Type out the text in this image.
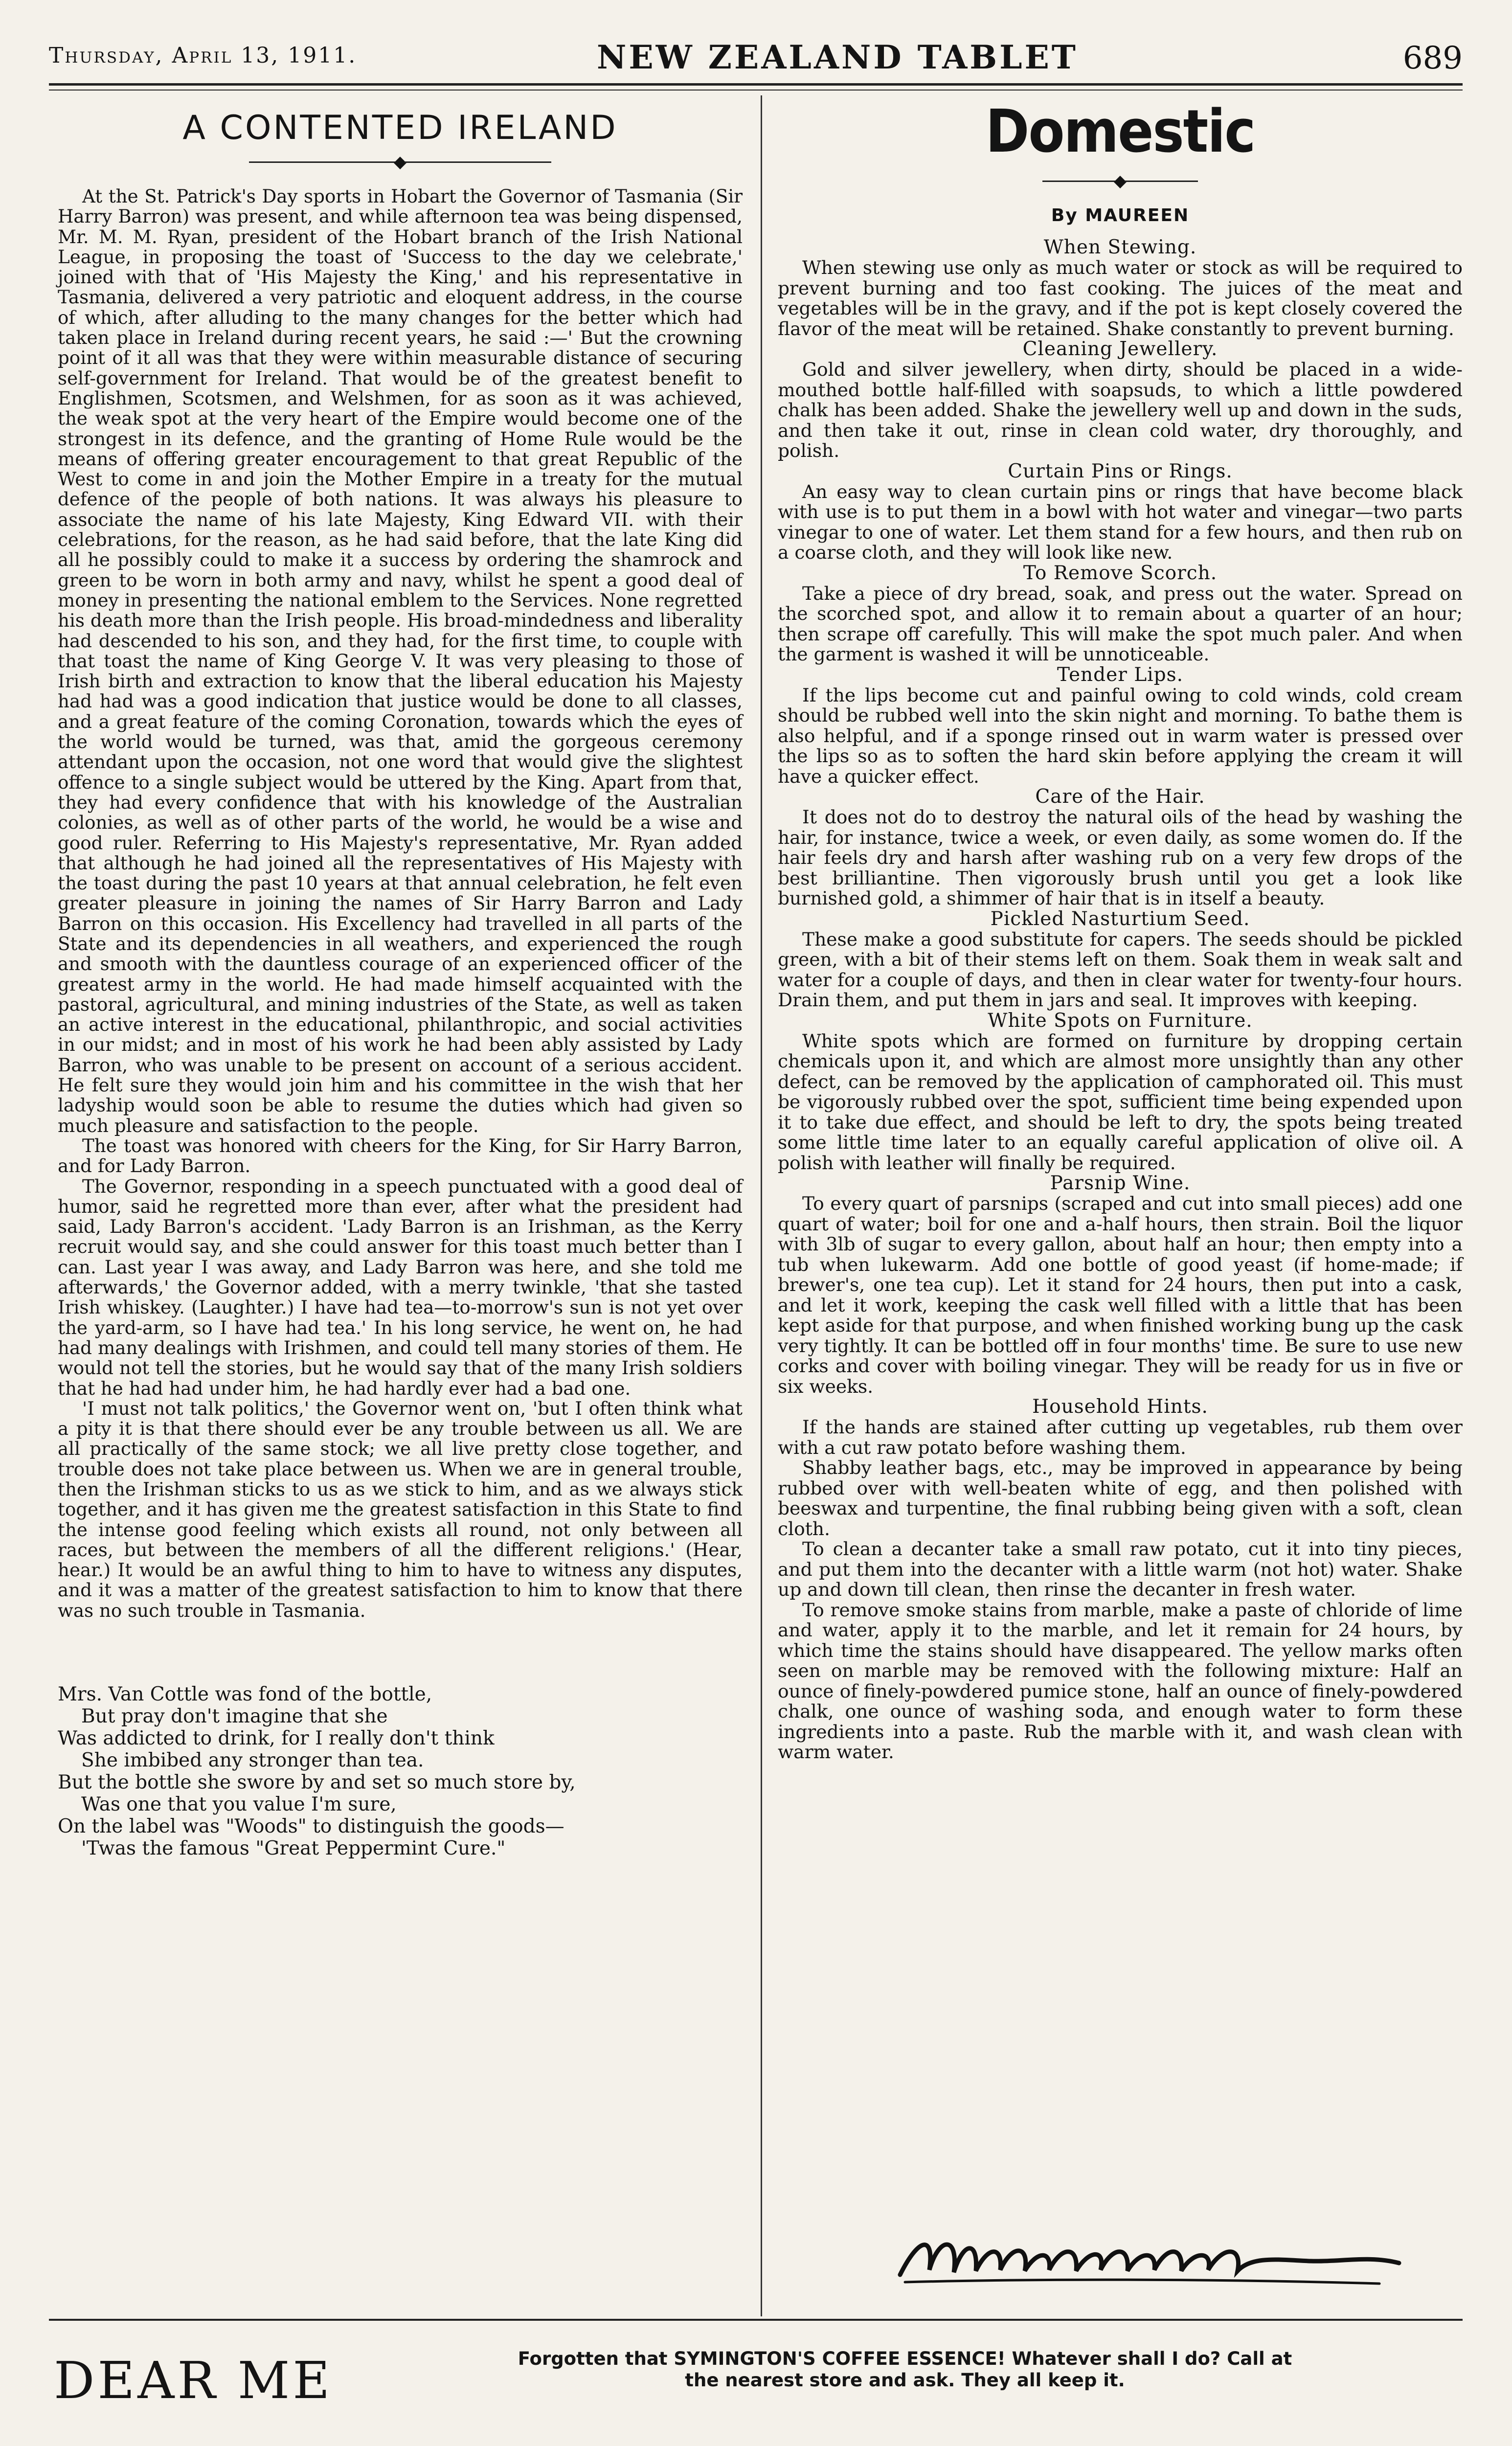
Thursday, April 13, 1911.	NEW ZEALAND TABLET	689
A CONTENTED IRELAND
◆

At the St. Patrick's Day sports in Hobart the Governor of Tasmania (Sir Harry Barron) was present, and while afternoon tea was being dispensed, Mr. M. M. Ryan, president of the Hobart branch of the Irish National League, in proposing the toast of 'Success to the day we celebrate,' joined with that of 'His Majesty the King,' and his representative in Tasmania, delivered a very patriotic and eloquent address, in the course of which, after alluding to the many changes for the better which had taken place in Ireland during recent years, he said :—' But the crowning point of it all was that they were within measurable distance of securing self-government for Ireland. That would be of the greatest benefit to Englishmen, Scotsmen, and Welshmen, for as soon as it was achieved, the weak spot at the very heart of the Empire would become one of the strongest in its defence, and the granting of Home Rule would be the means of offering greater encouragement to that great Republic of the West to come in and join the Mother Empire in a treaty for the mutual defence of the people of both nations. It was always his pleasure to associate the name of his late Majesty, King Edward VII. with their celebrations, for the reason, as he had said before, that the late King did all he possibly could to make it a success by ordering the shamrock and green to be worn in both army and navy, whilst he spent a good deal of money in presenting the national emblem to the Services. None regretted his death more than the Irish people. His broad-mindedness and liberality had descended to his son, and they had, for the first time, to couple with that toast the name of King George V. It was very pleasing to those of Irish birth and extraction to know that the liberal education his Majesty had had was a good indication that justice would be done to all classes, and a great feature of the coming Coronation, towards which the eyes of the world would be turned, was that, amid the gorgeous ceremony attendant upon the occasion, not one word that would give the slightest offence to a single subject would be uttered by the King. Apart from that, they had every confidence that with his knowledge of the Australian colonies, as well as of other parts of the world, he would be a wise and good ruler. Referring to His Majesty's representative, Mr. Ryan added that although he had joined all the representatives of His Majesty with the toast during the past 10 years at that annual celebration, he felt even greater pleasure in joining the names of Sir Harry Barron and Lady Barron on this occasion. His Excellency had travelled in all parts of the State and its dependencies in all weathers, and experienced the rough and smooth with the dauntless courage of an experienced officer of the greatest army in the world. He had made himself acquainted with the pastoral, agricultural, and mining industries of the State, as well as taken an active interest in the educational, philanthropic, and social activities in our midst; and in most of his work he had been ably assisted by Lady Barron, who was unable to be present on account of a serious accident. He felt sure they would join him and his committee in the wish that her ladyship would soon be able to resume the duties which had given so much pleasure and satisfaction to the people.

The toast was honored with cheers for the King, for Sir Harry Barron, and for Lady Barron.

The Governor, responding in a speech punctuated with a good deal of humor, said he regretted more than ever, after what the president had said, Lady Barron's accident. 'Lady Barron is an Irishman, as the Kerry recruit would say, and she could answer for this toast much better than I can. Last year I was away, and Lady Barron was here, and she told me afterwards,' the Governor added, with a merry twinkle, 'that she tasted Irish whiskey. (Laughter.) I have had tea—to-morrow's sun is not yet over the yard-arm, so I have had tea.' In his long service, he went on, he had had many dealings with Irishmen, and could tell many stories of them. He would not tell the stories, but he would say that of the many Irish soldiers that he had had under him, he had hardly ever had a bad one.

'I must not talk politics,' the Governor went on, 'but I often think what a pity it is that there should ever be any trouble between us all. We are all practically of the same stock; we all live pretty close together, and trouble does not take place between us. When we are in general trouble, then the Irishman sticks to us as we stick to him, and as we always stick together, and it has given me the greatest satisfaction in this State to find the intense good feeling which exists all round, not only between all races, but between the members of all the different religions.' (Hear, hear.) It would be an awful thing to him to have to witness any disputes, and it was a matter of the greatest satisfaction to him to know that there was no such trouble in Tasmania.

Mrs. Van Cottle was fond of the bottle,
But pray don't imagine that she
Was addicted to drink, for I really don't think
She imbibed any stronger than tea.
But the bottle she swore by and set so much store by,
Was one that you value I'm sure,
On the label was "Woods" to distinguish the goods—
'Twas the famous "Great Peppermint Cure."
Domestic
◆
By MAUREEN
When Stewing.

When stewing use only as much water or stock as will be required to prevent burning and too fast cooking. The juices of the meat and vegetables will be in the gravy, and if the pot is kept closely covered the flavor of the meat will be retained. Shake constantly to prevent burning.

Cleaning Jewellery.

Gold and silver jewellery, when dirty, should be placed in a wide-mouthed bottle half-filled with soapsuds, to which a little powdered chalk has been added. Shake the jewellery well up and down in the suds, and then take it out, rinse in clean cold water, dry thoroughly, and polish.

Curtain Pins or Rings.

An easy way to clean curtain pins or rings that have become black with use is to put them in a bowl with hot water and vinegar—two parts vinegar to one of water. Let them stand for a few hours, and then rub on a coarse cloth, and they will look like new.

To Remove Scorch.

Take a piece of dry bread, soak, and press out the water. Spread on the scorched spot, and allow it to remain about a quarter of an hour; then scrape off carefully. This will make the spot much paler. And when the garment is washed it will be unnoticeable.

Tender Lips.

If the lips become cut and painful owing to cold winds, cold cream should be rubbed well into the skin night and morning. To bathe them is also helpful, and if a sponge rinsed out in warm water is pressed over the lips so as to soften the hard skin before applying the cream it will have a quicker effect.

Care of the Hair.

It does not do to destroy the natural oils of the head by washing the hair, for instance, twice a week, or even daily, as some women do. If the hair feels dry and harsh after washing rub on a very few drops of the best brilliantine. Then vigorously brush until you get a look like burnished gold, a shimmer of hair that is in itself a beauty.

Pickled Nasturtium Seed.

These make a good substitute for capers. The seeds should be pickled green, with a bit of their stems left on them. Soak them in weak salt and water for a couple of days, and then in clear water for twenty-four hours. Drain them, and put them in jars and seal. It improves with keeping.

White Spots on Furniture.

White spots which are formed on furniture by dropping certain chemicals upon it, and which are almost more unsightly than any other defect, can be removed by the application of camphorated oil. This must be vigorously rubbed over the spot, sufficient time being expended upon it to take due effect, and should be left to dry, the spots being treated some little time later to an equally careful application of olive oil. A polish with leather will finally be required.

Parsnip Wine.

To every quart of parsnips (scraped and cut into small pieces) add one quart of water; boil for one and a-half hours, then strain. Boil the liquor with 3lb of sugar to every gallon, about half an hour; then empty into a tub when lukewarm. Add one bottle of good yeast (if home-made; if brewer's, one tea cup). Let it stand for 24 hours, then put into a cask, and let it work, keeping the cask well filled with a little that has been kept aside for that purpose, and when finished working bung up the cask very tightly. It can be bottled off in four months' time. Be sure to use new corks and cover with boiling vinegar. They will be ready for us in five or six weeks.

Household Hints.

If the hands are stained after cutting up vegetables, rub them over with a cut raw potato before washing them.

Shabby leather bags, etc., may be improved in appearance by being rubbed over with well-beaten white of egg, and then polished with beeswax and turpentine, the final rubbing being given with a soft, clean cloth.

To clean a decanter take a small raw potato, cut it into tiny pieces, and put them into the decanter with a little warm (not hot) water. Shake up and down till clean, then rinse the decanter in fresh water.

To remove smoke stains from marble, make a paste of chloride of lime and water, apply it to the marble, and let it remain for 24 hours, by which time the stains should have disappeared. The yellow marks often seen on marble may be removed with the following mixture: Half an ounce of finely-powdered pumice stone, half an ounce of finely-powdered chalk, one ounce of washing soda, and enough water to form these ingredients into a paste. Rub the marble with it, and wash clean with warm water.

DEAR ME	Forgotten that SYMINGTON'S COFFEE ESSENCE! Whatever shall I do? Call at
the nearest store and ask. They all keep it.
